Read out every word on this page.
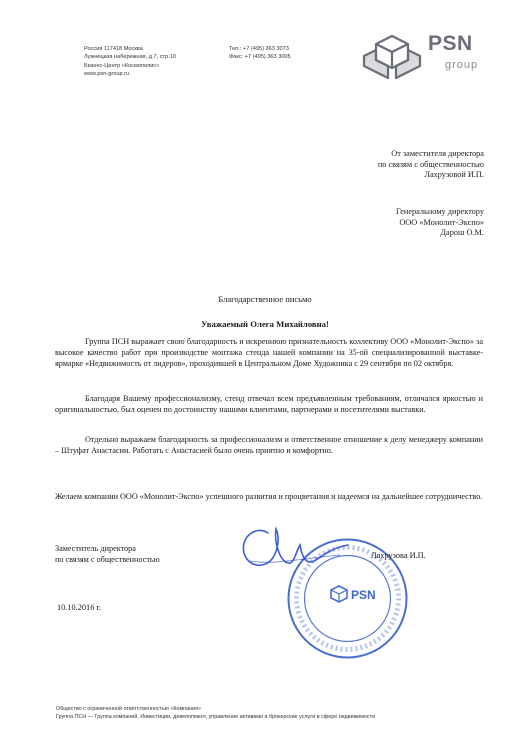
Россия 117418 Москва
Лужнецкая набережная, д.7, стр.10
Бизнес-Центр «Космополис»
www.psn-group.ru
Тел.: +7 (495) 363 3073
Факс: +7 (495) 363 3005
PSN
group
От заместителя директора
по связям с общественностью
Лахрузовой И.П.
Генеральному директору
ООО «Монолит-Экспо»
Дарош О.М.
Благодарственное письмо
Уважаемый Олега Михайловна!

Группа ПСН выражает свою благодарность и искреннюю признательность коллективу ООО «Монолит-Экспо» за высокое качество работ при производстве монтажа стенда нашей компании на 35-ой специализированной выставке-ярмарке «Недвижимость от лидеров», проходившей в Центральном Доме Художника с 29 сентября по 02 октября.

Благодаря Вашему профессионализму, стенд отвечал всем предъявленным требованиям, отличался яркостью и оригинальностью, был оценен по достоинству нашими клиентами, партнерами и посетителями выставки.

Отдельно выражаем благодарность за профессионализм и ответственное отношение к делу менеджеру компании – Штуфат Анастасии. Работать с Анастасией было очень приятно и комфортно.

Желаем компании ООО «Монолит-Экспо» успешного развития и процветания и надеемся на дальнейшее сотрудничество.
Заместитель директора
по связям с общественностью
PSN
Лахрузова И.П.
10.10.2016 г.
Общество с ограниченной ответственностью «Компания»
Группа ПСН — Группа компаний, Инвестиции, девелопмент, управление активами и брокерские услуги в сфере недвижимости
